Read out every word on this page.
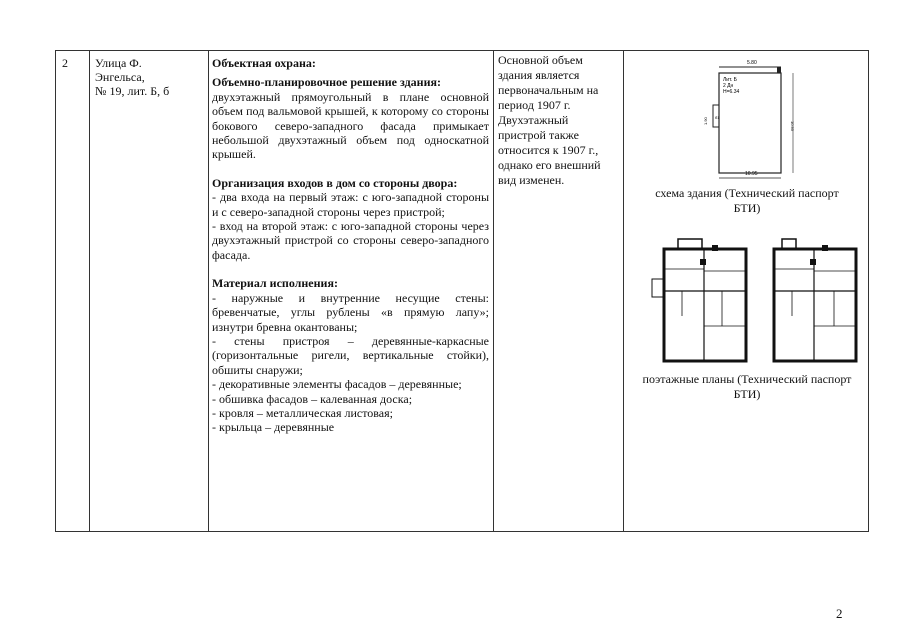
2 Улица Ф.
Энгельса,
№ 19, лит. Б, б

Объектная охрана:

Объемно-планировочное решение здания:

двухэтажный прямоугольный в плане основной объем под вальмовой крышей, к которому со стороны бокового северо-западного фасада примыкает небольшой двухэтажный объем под односкатной крышей.

Организация входов в дом со стороны двора:

- два входа на первый этаж: с юго-западной стороны и с северо-западной стороны через пристрой;

- вход на второй этаж: с юго-западной стороны через двухэтажный пристрой со стороны северо-западного фасада.

Материал исполнения:

- наружные и внутренние несущие стены: бревенчатые, углы рублены «в прямую лапу»; изнутри бревна окантованы;

- стены пристроя – деревянные-каркасные (горизонтальные ригели, вертикальные стойки), обшиты снаружи;

- декоративные элементы фасадов – деревянные;

- обшивка фасадов – калеванная доска;

- кровля – металлическая листовая;

- крыльца – деревянные

Основной объем
здания является
первоначальным на
период 1907 г.
Двухэтажный
пристрой также
относится к 1907 г.,
однако его внешний
вид изменен.
5.80
Лит. Б
2 Дн
Н=6.34
б1
1.90	10.95
10.95
схема здания (Технический паспорт
БТИ)
поэтажные планы (Технический паспорт
БТИ)
2
